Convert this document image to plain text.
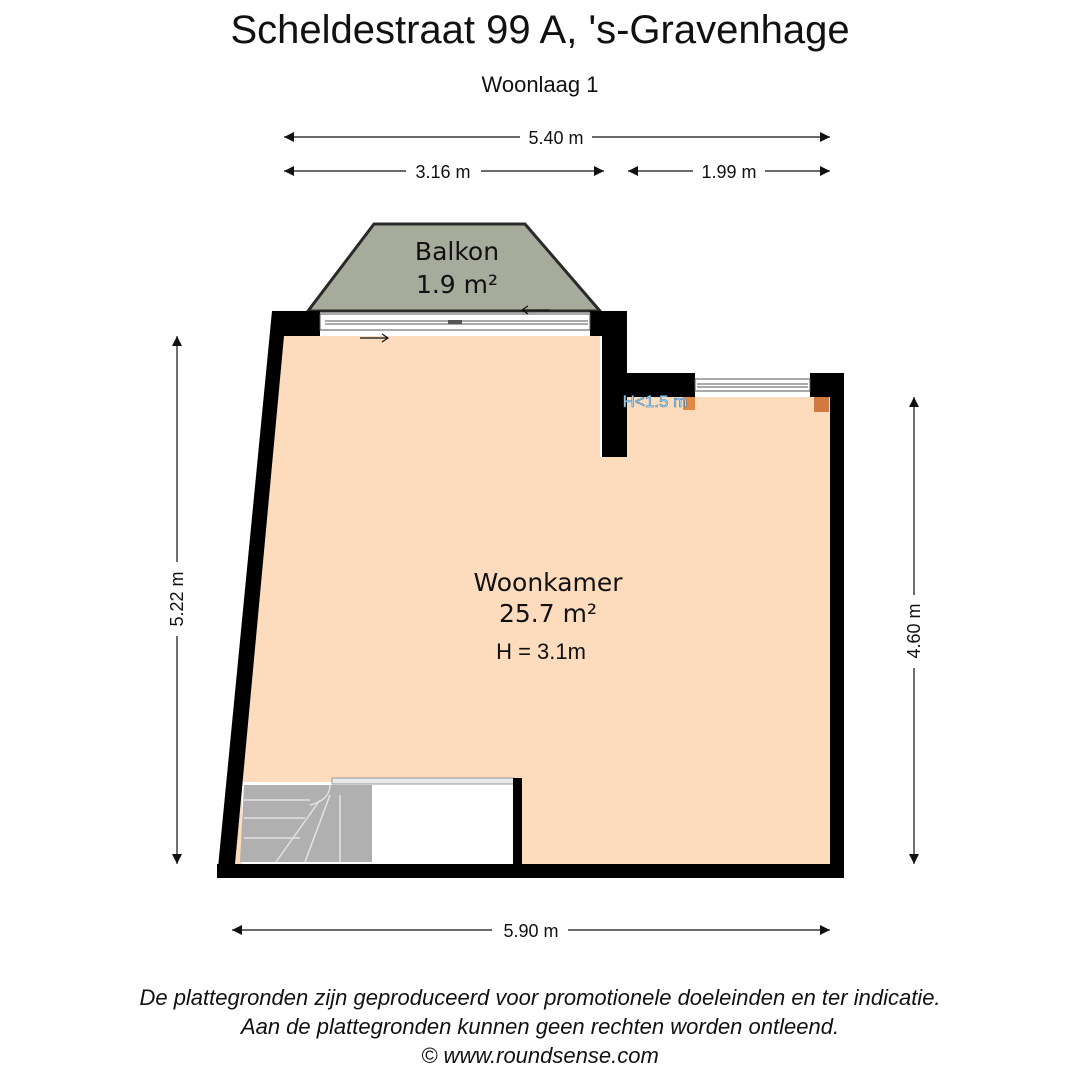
Scheldestraat 99 A, 's-Gravenhage
Woonlaag 1
Balkon
1.9 m²
Woonkamer
25.7 m²
H = 3.1m
H<1.5 m
5.40 m
3.16 m	1.99 m
5.22 m
4.60 m
5.90 m
De plattegronden zijn geproduceerd voor promotionele doeleinden en ter indicatie.
Aan de plattegronden kunnen geen rechten worden ontleend.
© www.roundsense.com
